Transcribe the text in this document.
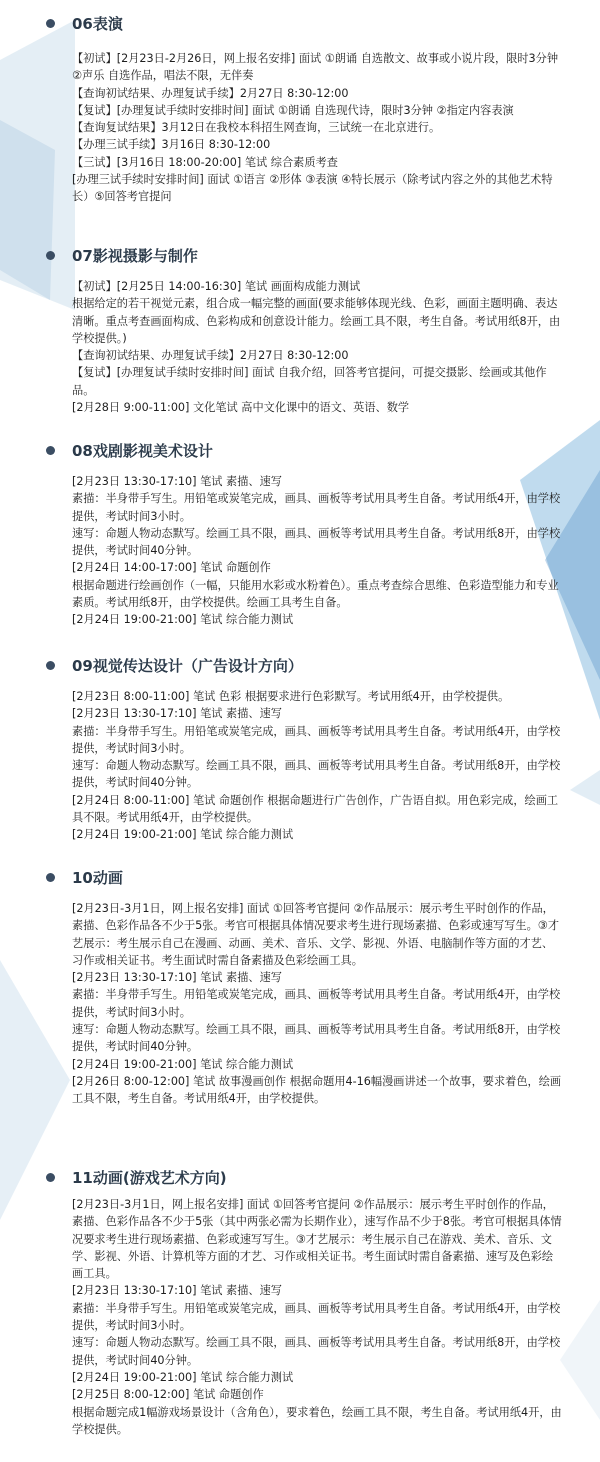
06表演

【初试】[2月23日-2月26日，网上报名安排] 面试 ①朗诵 自选散文、故事或小说片段，限时3分钟②声乐 自选作品，唱法不限，无伴奏

【查询初试结果、办理复试手续】2月27日 8:30-12:00

【复试】[办理复试手续时安排时间] 面试 ①朗诵 自选现代诗，限时3分钟 ②指定内容表演

【查询复试结果】3月12日在我校本科招生网查询，三试统一在北京进行。

【办理三试手续】3月16日 8:30-12:00

【三试】[3月16日 18:00-20:00] 笔试 综合素质考查

[办理三试手续时安排时间] 面试 ①语言 ②形体 ③表演 ④特长展示（除考试内容之外的其他艺术特长）⑤回答考官提问

07影视摄影与制作

【初试】[2月25日 14:00-16:30] 笔试 画面构成能力测试

根据给定的若干视觉元素，组合成一幅完整的画面(要求能够体现光线、色彩，画面主题明确、表达清晰。重点考查画面构成、色彩构成和创意设计能力。绘画工具不限，考生自备。考试用纸8开，由学校提供。)

【查询初试结果、办理复试手续】2月27日 8:30-12:00

【复试】[办理复试手续时安排时间] 面试 自我介绍，回答考官提问，可提交摄影、绘画或其他作品。

[2月28日 9:00-11:00] 文化笔试 高中文化课中的语文、英语、数学

08戏剧影视美术设计

[2月23日 13:30-17:10] 笔试 素描、速写

素描：半身带手写生。用铅笔或炭笔完成，画具、画板等考试用具考生自备。考试用纸4开，由学校提供，考试时间3小时。

速写：命题人物动态默写。绘画工具不限，画具、画板等考试用具考生自备。考试用纸8开，由学校提供，考试时间40分钟。

[2月24日 14:00-17:00] 笔试 命题创作

根据命题进行绘画创作（一幅，只能用水彩或水粉着色）。重点考查综合思维、色彩造型能力和专业素质。考试用纸8开，由学校提供。绘画工具考生自备。

[2月24日 19:00-21:00] 笔试 综合能力测试

09视觉传达设计（广告设计方向）

[2月23日 8:00-11:00] 笔试 色彩 根据要求进行色彩默写。考试用纸4开，由学校提供。

[2月23日 13:30-17:10] 笔试 素描、速写

素描：半身带手写生。用铅笔或炭笔完成，画具、画板等考试用具考生自备。考试用纸4开，由学校提供，考试时间3小时。

速写：命题人物动态默写。绘画工具不限，画具、画板等考试用具考生自备。考试用纸8开，由学校提供，考试时间40分钟。

[2月24日 8:00-11:00] 笔试 命题创作 根据命题进行广告创作，广告语自拟。用色彩完成，绘画工具不限。考试用纸4开，由学校提供。

[2月24日 19:00-21:00] 笔试 综合能力测试

10动画

[2月23日-3月1日，网上报名安排] 面试 ①回答考官提问 ②作品展示：展示考生平时创作的作品，素描、色彩作品各不少于5张。考官可根据具体情况要求考生进行现场素描、色彩或速写写生。③才艺展示：考生展示自己在漫画、动画、美术、音乐、文学、影视、外语、电脑制作等方面的才艺、习作或相关证书。考生面试时需自备素描及色彩绘画工具。

[2月23日 13:30-17:10] 笔试 素描、速写

素描：半身带手写生。用铅笔或炭笔完成，画具、画板等考试用具考生自备。考试用纸4开，由学校提供，考试时间3小时。

速写：命题人物动态默写。绘画工具不限，画具、画板等考试用具考生自备。考试用纸8开，由学校提供，考试时间40分钟。

[2月24日 19:00-21:00] 笔试 综合能力测试

[2月26日 8:00-12:00] 笔试 故事漫画创作 根据命题用4-16幅漫画讲述一个故事，要求着色，绘画工具不限，考生自备。考试用纸4开，由学校提供。

11动画(游戏艺术方向)

[2月23日-3月1日，网上报名安排] 面试 ①回答考官提问 ②作品展示：展示考生平时创作的作品，素描、色彩作品各不少于5张（其中两张必需为长期作业），速写作品不少于8张。考官可根据具体情况要求考生进行现场素描、色彩或速写写生。③才艺展示：考生展示自己在游戏、美术、音乐、文学、影视、外语、计算机等方面的才艺、习作或相关证书。考生面试时需自备素描、速写及色彩绘画工具。

[2月23日 13:30-17:10] 笔试 素描、速写

素描：半身带手写生。用铅笔或炭笔完成，画具、画板等考试用具考生自备。考试用纸4开，由学校提供，考试时间3小时。

速写：命题人物动态默写。绘画工具不限，画具、画板等考试用具考生自备。考试用纸8开，由学校提供，考试时间40分钟。

[2月24日 19:00-21:00] 笔试 综合能力测试

[2月25日 8:00-12:00] 笔试 命题创作

根据命题完成1幅游戏场景设计（含角色），要求着色，绘画工具不限，考生自备。考试用纸4开，由学校提供。
